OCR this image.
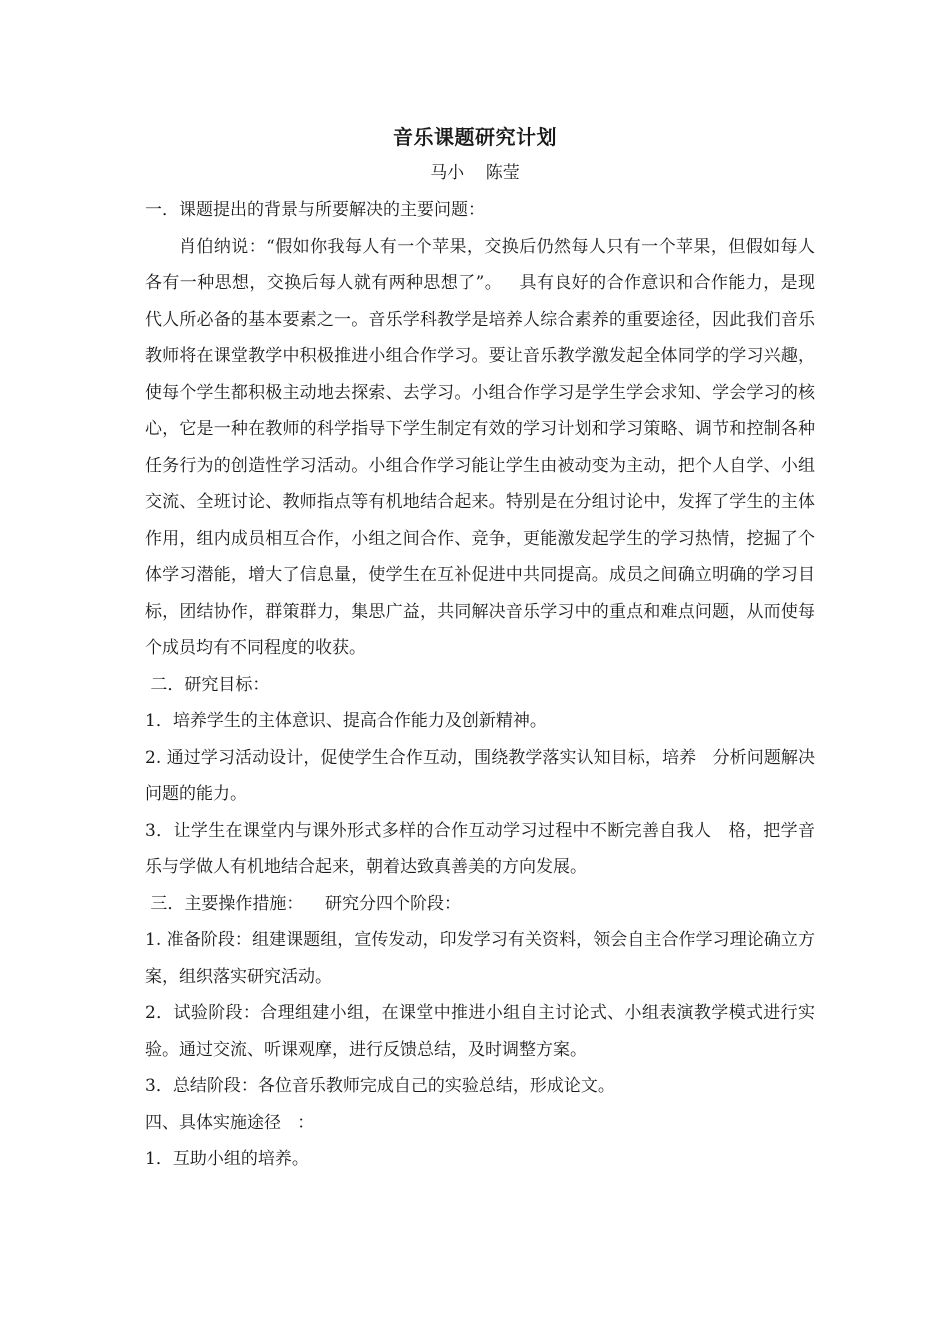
音乐课题研究计划
马小    陈莹

一．课题提出的背景与所要解决的主要问题：

肖伯纳说：“假如你我每人有一个苹果，交换后仍然每人只有一个苹果，但假如每人各有一种思想，交换后每人就有两种思想了”。   具有良好的合作意识和合作能力，是现代人所必备的基本要素之一。音乐学科教学是培养人综合素养的重要途径，因此我们音乐教师将在课堂教学中积极推进小组合作学习。要让音乐教学激发起全体同学的学习兴趣，使每个学生都积极主动地去探索、去学习。小组合作学习是学生学会求知、学会学习的核心，它是一种在教师的科学指导下学生制定有效的学习计划和学习策略、调节和控制各种任务行为的创造性学习活动。小组合作学习能让学生由被动变为主动，把个人自学、小组交流、全班讨论、教师指点等有机地结合起来。特别是在分组讨论中，发挥了学生的主体作用，组内成员相互合作，小组之间合作、竞争，更能激发起学生的学习热情，挖掘了个体学习潜能，增大了信息量，使学生在互补促进中共同提高。成员之间确立明确的学习目标，团结协作，群策群力，集思广益，共同解决音乐学习中的重点和难点问题，从而使每个成员均有不同程度的收获。

二．研究目标：

1．培养学生的主体意识、提高合作能力及创新精神。

2. 通过学习活动设计，促使学生合作互动，围绕教学落实认知目标，培养   分析问题解决问题的能力。

3．让学生在课堂内与课外形式多样的合作互动学习过程中不断完善自我人   格，把学音乐与学做人有机地结合起来，朝着达致真善美的方向发展。

三．主要操作措施：    研究分四个阶段：

1. 准备阶段：组建课题组，宣传发动，印发学习有关资料，领会自主合作学习理论确立方案，组织落实研究活动。

2．试验阶段：合理组建小组，在课堂中推进小组自主讨论式、小组表演教学模式进行实验。通过交流、听课观摩，进行反馈总结，及时调整方案。

3．总结阶段：各位音乐教师完成自己的实验总结，形成论文。

四、具体实施途径   ：

1．互助小组的培养。
